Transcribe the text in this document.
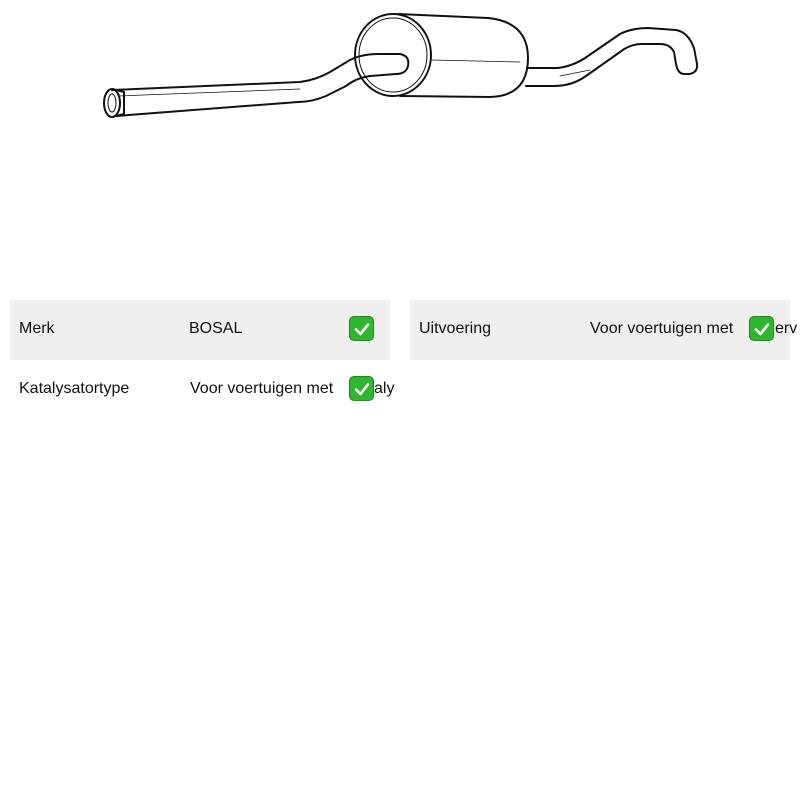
Merk	BOSAL	Uitvoering	Voor voertuigen met	erv
Katalysatortype	Voor voertuigen met	aly
